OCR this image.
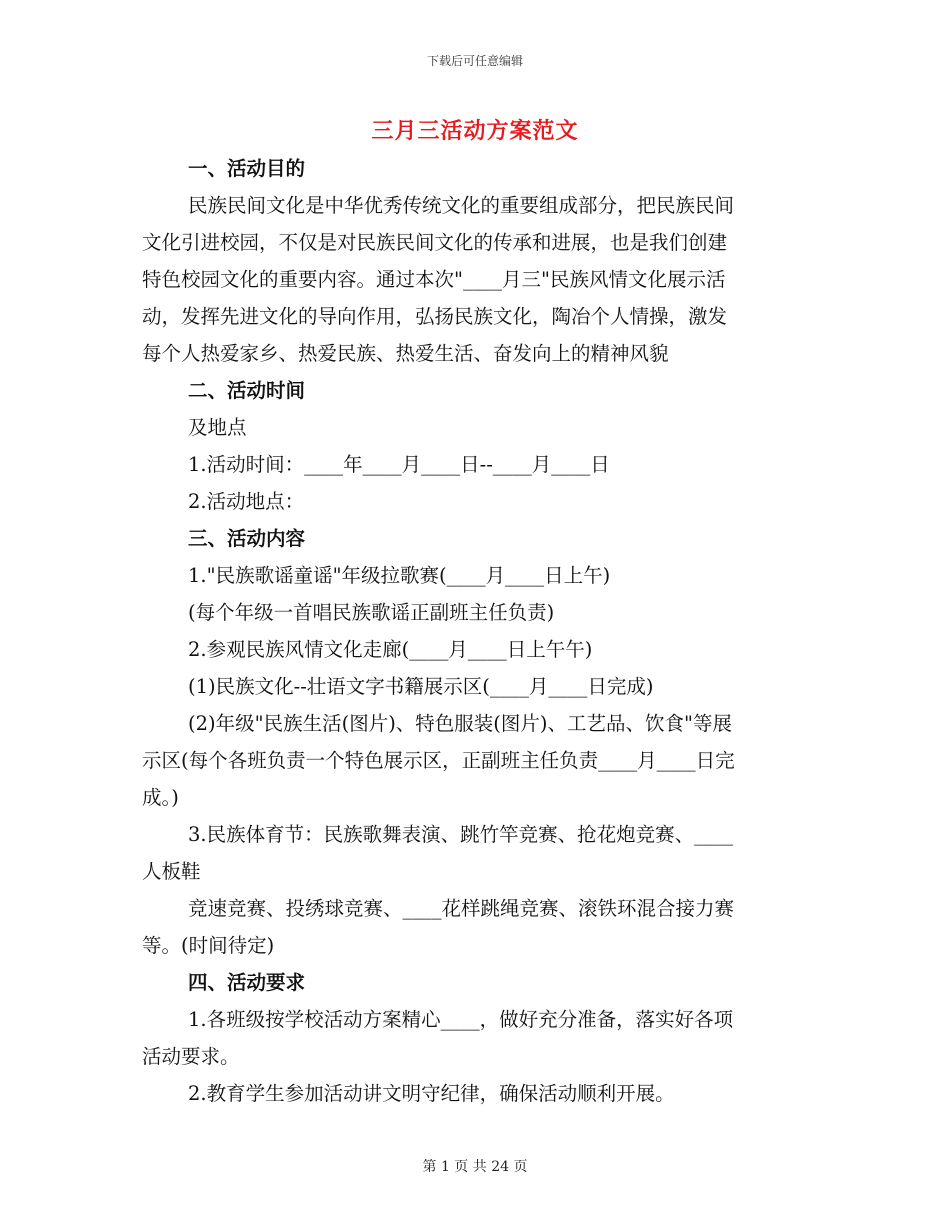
下载后可任意编辑
三月三活动方案范文
一、活动目的
民族民间文化是中华优秀传统文化的重要组成部分，把民族民间
文化引进校园，不仅是对民族民间文化的传承和进展，也是我们创建
特色校园文化的重要内容。通过本次"____月三"民族风情文化展示活
动，发挥先进文化的导向作用，弘扬民族文化，陶冶个人情操，激发
每个人热爱家乡、热爱民族、热爱生活、奋发向上的精神风貌
二、活动时间
及地点
1.活动时间：____年____月____日--____月____日
2.活动地点：
三、活动内容
1."民族歌谣童谣"年级拉歌赛(____月____日上午)
(每个年级一首唱民族歌谣正副班主任负责)
2.参观民族风情文化走廊(____月____日上午午)
(1)民族文化--壮语文字书籍展示区(____月____日完成)
(2)年级"民族生活(图片)、特色服装(图片)、工艺品、饮食"等展
示区(每个各班负责一个特色展示区，正副班主任负责____月____日完
成。)
3.民族体育节：民族歌舞表演、跳竹竿竞赛、抢花炮竞赛、____
人板鞋
竞速竞赛、投绣球竞赛、____花样跳绳竞赛、滚铁环混合接力赛
等。(时间待定)
四、活动要求
1.各班级按学校活动方案精心____，做好充分准备，落实好各项
活动要求。
2.教育学生参加活动讲文明守纪律，确保活动顺利开展。
第 1 页 共 24 页
